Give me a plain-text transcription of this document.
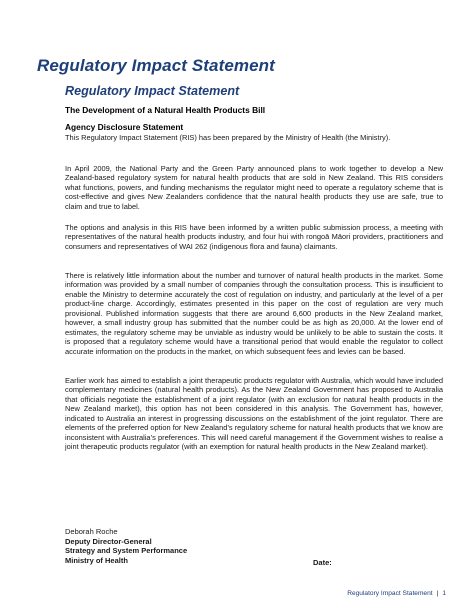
Regulatory Impact Statement
Regulatory Impact Statement
The Development of a Natural Health Products Bill
Agency Disclosure Statement
This Regulatory Impact Statement (RIS) has been prepared by the Ministry of Health (the Ministry).
In April 2009, the National Party and the Green Party announced plans to work together to develop a New Zealand-based regulatory system for natural health products that are sold in New Zealand. This RIS considers what functions, powers, and funding mechanisms the regulator might need to operate a regulatory scheme that is cost-effective and gives New Zealanders confidence that the natural health products they use are safe, true to claim and true to label.
The options and analysis in this RIS have been informed by a written public submission process, a meeting with representatives of the natural health products industry, and four hui with rongoā Māori providers, practitioners and consumers and representatives of WAI 262 (indigenous flora and fauna) claimants.
There is relatively little information about the number and turnover of natural health products in the market. Some information was provided by a small number of companies through the consultation process. This is insufficient to enable the Ministry to determine accurately the cost of regulation on industry, and particularly at the level of a per product-line charge. Accordingly, estimates presented in this paper on the cost of regulation are very much provisional. Published information suggests that there are around 6,600 products in the New Zealand market, however, a small industry group has submitted that the number could be as high as 20,000. At the lower end of estimates, the regulatory scheme may be unviable as industry would be unlikely to be able to sustain the costs. It is proposed that a regulatory scheme would have a transitional period that would enable the regulator to collect accurate information on the products in the market, on which subsequent fees and levies can be based.
Earlier work has aimed to establish a joint therapeutic products regulator with Australia, which would have included complementary medicines (natural health products). As the New Zealand Government has proposed to Australia that officials negotiate the establishment of a joint regulator (with an exclusion for natural health products in the New Zealand market), this option has not been considered in this analysis. The Government has, however, indicated to Australia an interest in progressing discussions on the establishment of the joint regulator. There are elements of the preferred option for New Zealand’s regulatory scheme for natural health products that we know are inconsistent with Australia’s preferences. This will need careful management if the Government wishes to realise a joint therapeutic products regulator (with an exemption for natural health products in the New Zealand market).
Deborah Roche
Deputy Director-General
Strategy and System Performance
Ministry of Health	Date:
Regulatory Impact Statement | 1
